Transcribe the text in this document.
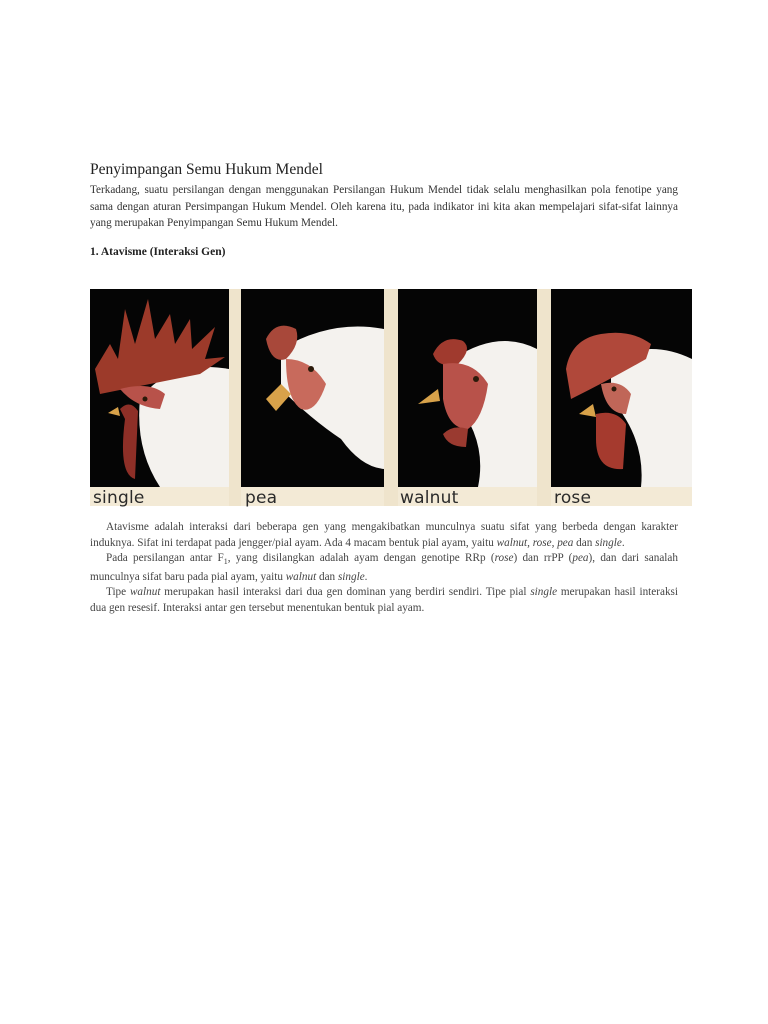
Penyimpangan Semu Hukum Mendel

Terkadang, suatu persilangan dengan menggunakan Persilangan Hukum Mendel tidak selalu menghasilkan pola fenotipe yang sama dengan aturan Persimpangan Hukum Mendel. Oleh karena itu, pada indikator ini kita akan mempelajari sifat-sifat lainnya yang merupakan Penyimpangan Semu Hukum Mendel.

1. Atavisme (Interaksi Gen)
single	pea	walnut	rose

Atavisme adalah interaksi dari beberapa gen yang mengakibatkan munculnya suatu sifat yang berbeda dengan karakter induknya. Sifat ini terdapat pada jengger/pial ayam. Ada 4 macam bentuk pial ayam, yaitu walnut, rose, pea dan single.

Pada persilangan antar $F_1$, yang disilangkan adalah ayam dengan genotipe RRp (rose) dan rrPP (pea), dan dari sanalah munculnya sifat baru pada pial ayam, yaitu walnut dan single.

Tipe walnut merupakan hasil interaksi dari dua gen dominan yang berdiri sendiri. Tipe pial single merupakan hasil interaksi dua gen resesif. Interaksi antar gen tersebut menentukan bentuk pial ayam.
